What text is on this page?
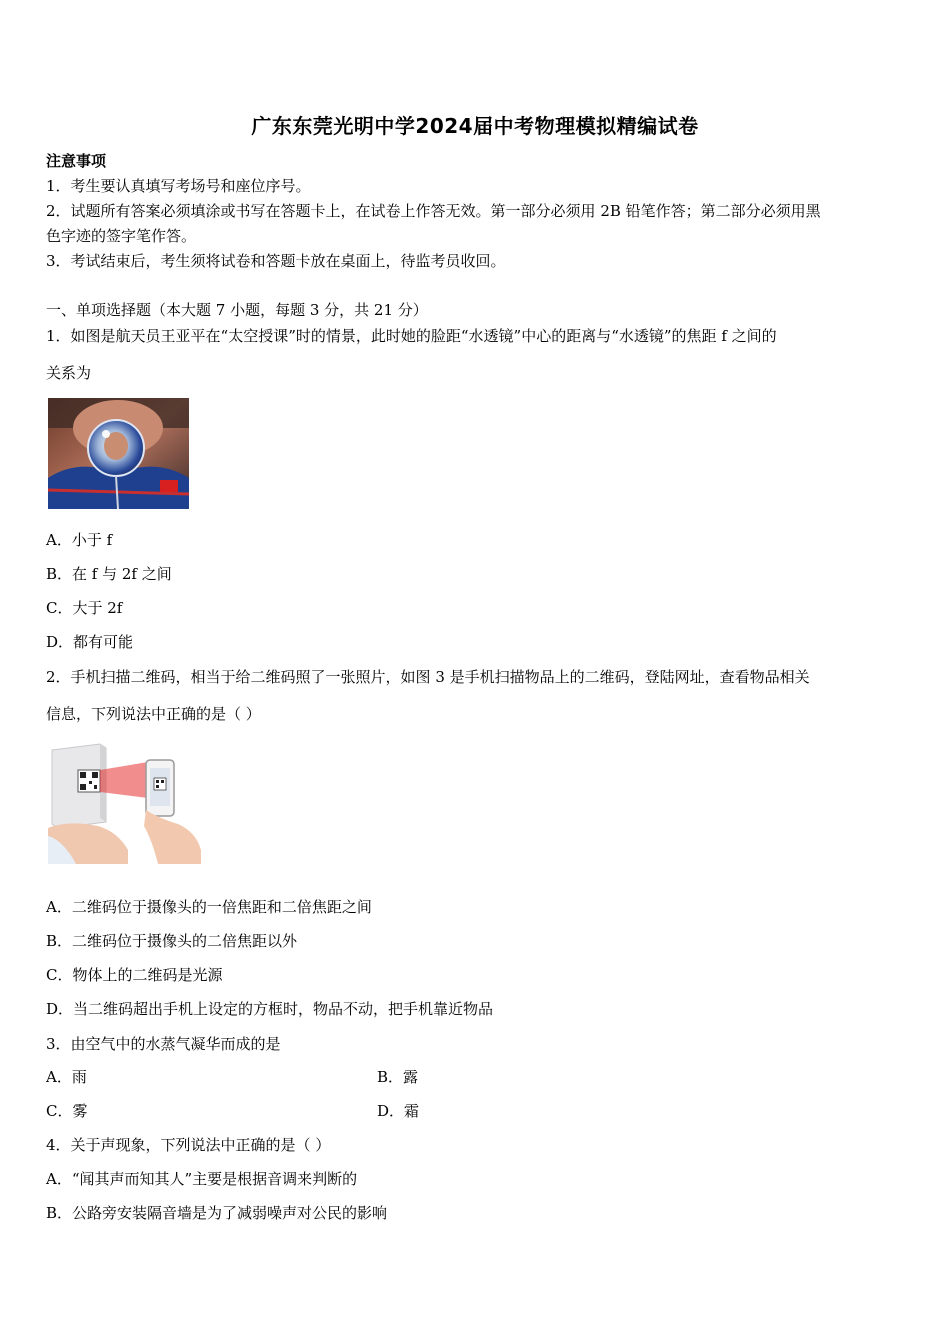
广东东莞光明中学2024届中考物理模拟精编试卷
注意事项
1．考生要认真填写考场号和座位序号。
2．试题所有答案必须填涂或书写在答题卡上，在试卷上作答无效。第一部分必须用 2B 铅笔作答；第二部分必须用黑
色字迹的签字笔作答。
3．考试结束后，考生须将试卷和答题卡放在桌面上，待监考员收回。
一、单项选择题（本大题 7 小题，每题 3 分，共 21 分）
1．如图是航天员王亚平在“太空授课”时的情景，此时她的脸距“水透镜”中心的距离与“水透镜”的焦距 f 之间的
关系为
A．小于 f
B．在 f 与 2f 之间
C．大于 2f
D．都有可能
2．手机扫描二维码，相当于给二维码照了一张照片，如图 3 是手机扫描物品上的二维码，登陆网址，查看物品相关
信息，下列说法中正确的是（ ）
A．二维码位于摄像头的一倍焦距和二倍焦距之间
B．二维码位于摄像头的二倍焦距以外
C．物体上的二维码是光源
D．当二维码超出手机上设定的方框时，物品不动，把手机靠近物品
3．由空气中的水蒸气凝华而成的是
A．雨	B．露
C．雾	D．霜
4．关于声现象，下列说法中正确的是（ ）
A．“闻其声而知其人”主要是根据音调来判断的
B．公路旁安装隔音墙是为了减弱噪声对公民的影响
